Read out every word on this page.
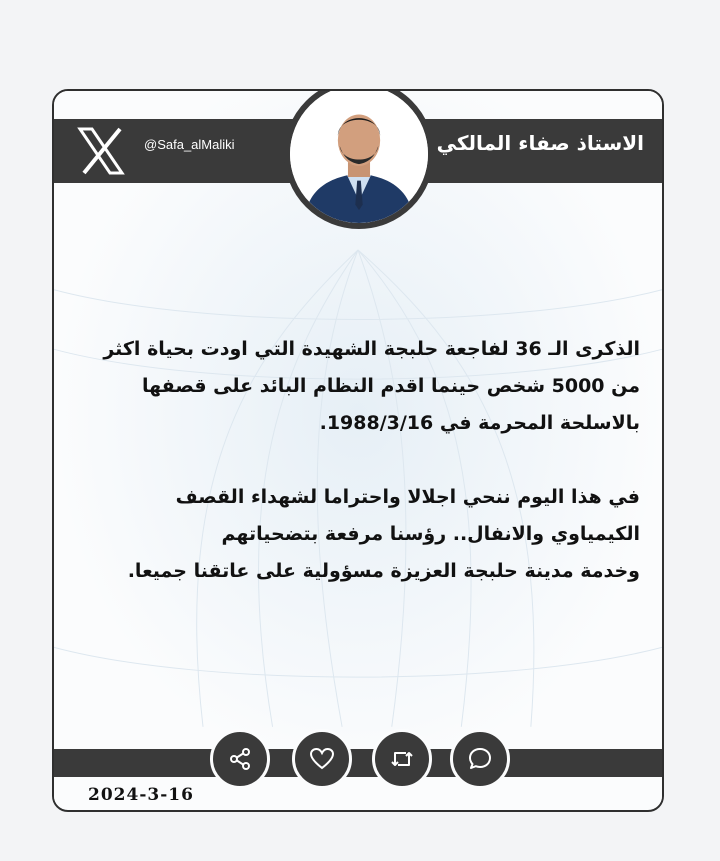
@Safa_alMaliki	الاستاذ صفاء المالكي

الذكرى الـ 36 لفاجعة حلبجة الشهيدة التي اودت بحياة اكثر
من 5000 شخص حينما اقدم النظام البائد على قصفها
بالاسلحة المحرمة في 1988/3/16.

في هذا اليوم ننحي اجلالا واحتراما لشهداء القصف
الكيمياوي والانفال.. رؤسنا مرفعة بتضحياتهم
وخدمة مدينة حلبجة العزيزة مسؤولية على عاتقنا جميعا.

2024-3-16
